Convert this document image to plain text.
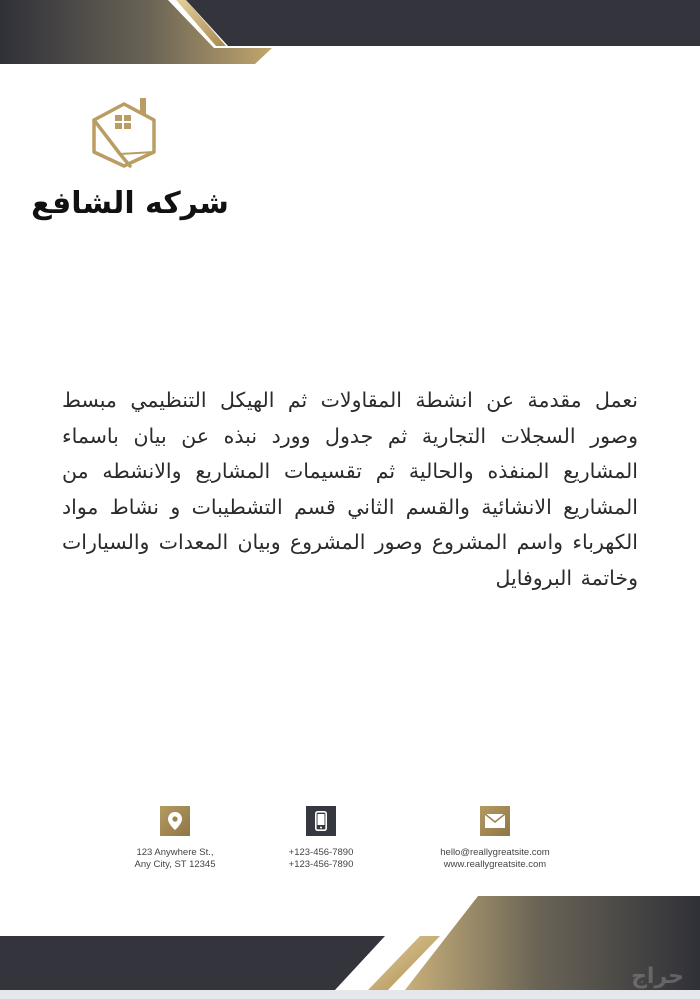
شركه الشافع

نعمل مقدمة عن انشطة المقاولات ثم الهيكل التنظيمي مبسط وصور السجلات التجارية ثم جدول وورد نبذه عن بيان باسماء المشاريع المنفذه والحالية ثم تقسيمات المشاريع والانشطه من المشاريع الانشائية والقسم الثاني قسم التشطيبات و نشاط مواد الكهرباء واسم المشروع وصور المشروع وبيان المعدات والسيارات وخاتمة البروفايل

123 Anywhere St.,
Any City, ST 12345
+123-456-7890
+123-456-7890
hello@reallygreatsite.com
www.reallygreatsite.com
حراج
